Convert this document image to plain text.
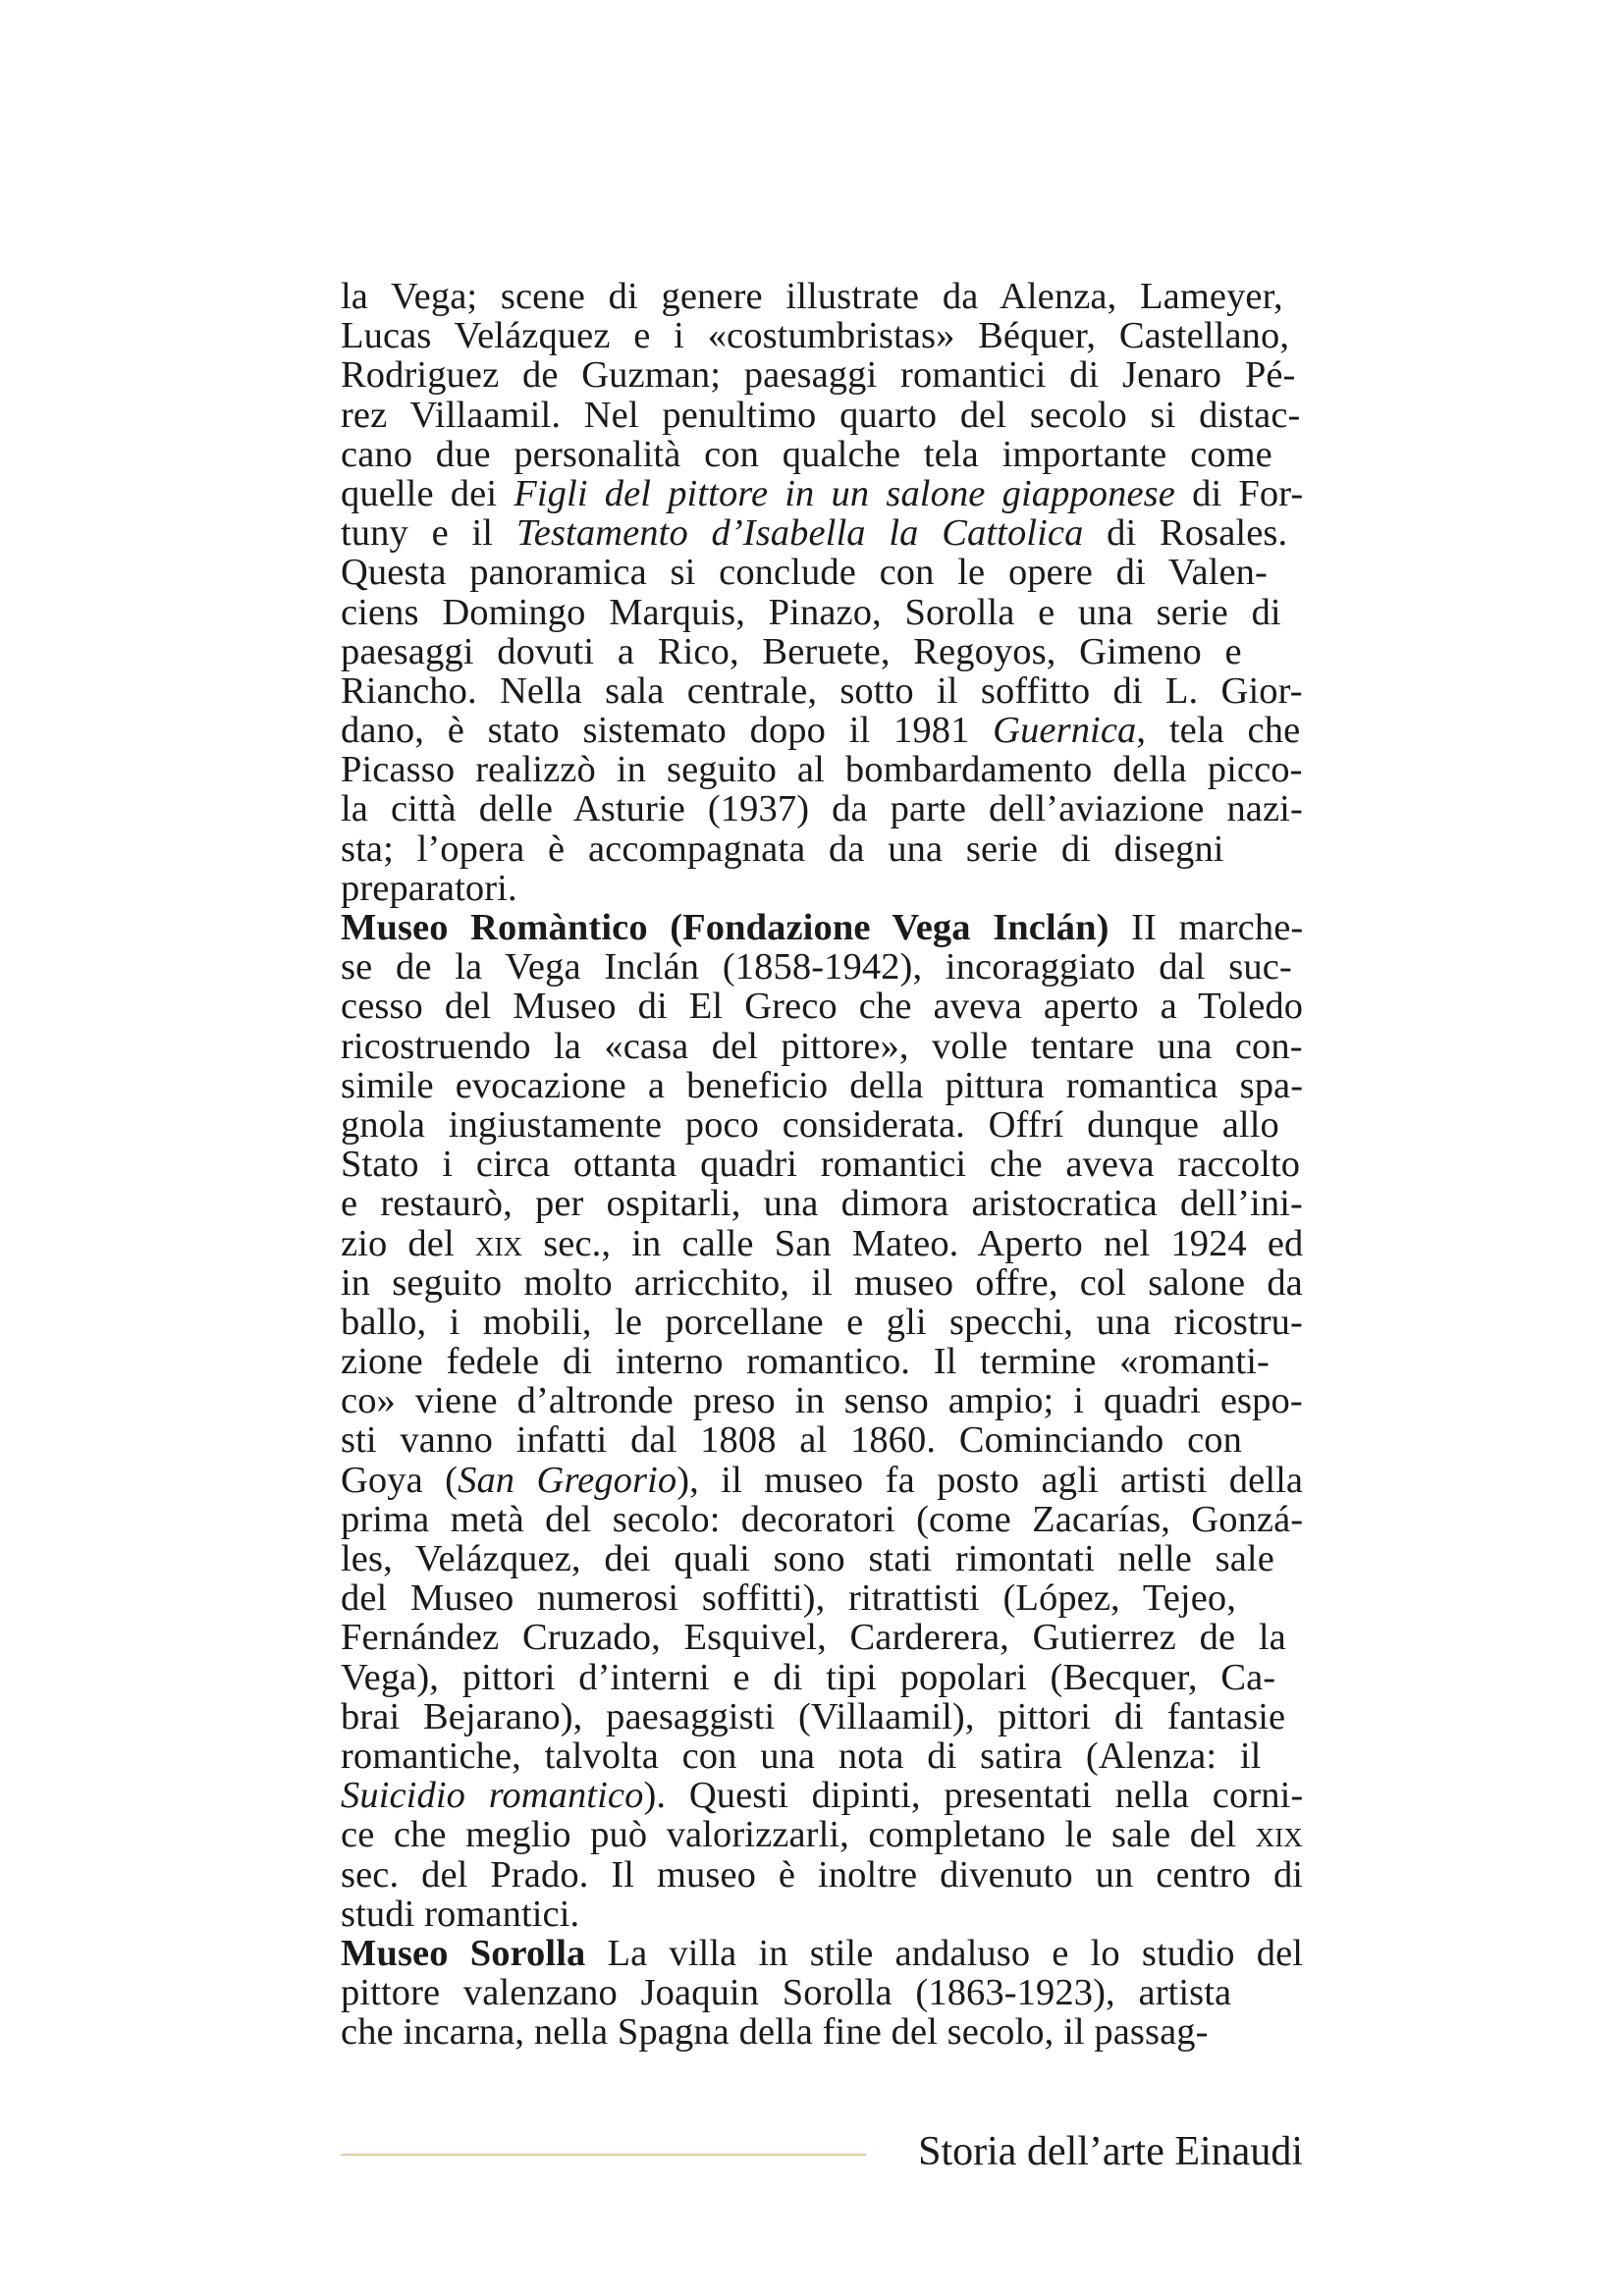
la Vega; scene di genere illustrate da Alenza, Lameyer,
Lucas Velázquez e i «costumbristas» Béquer, Castellano,
Rodriguez de Guzman; paesaggi romantici di Jenaro Pé-
rez Villaamil. Nel penultimo quarto del secolo si distac-
cano due personalità con qualche tela importante come
quelle dei Figli del pittore in un salone giapponese di For-
tuny e il Testamento d’Isabella la Cattolica di Rosales.
Questa panoramica si conclude con le opere di Valen-
ciens Domingo Marquis, Pinazo, Sorolla e una serie di
paesaggi dovuti a Rico, Beruete, Regoyos, Gimeno e
Riancho. Nella sala centrale, sotto il soffitto di L. Gior-
dano, è stato sistemato dopo il 1981 Guernica, tela che
Picasso realizzò in seguito al bombardamento della picco-
la città delle Asturie (1937) da parte dell’aviazione nazi-
sta; l’opera è accompagnata da una serie di disegni
preparatori.
Museo Romàntico (Fondazione Vega Inclán) II marche-
se de la Vega Inclán (1858-1942), incoraggiato dal suc-
cesso del Museo di El Greco che aveva aperto a Toledo
ricostruendo la «casa del pittore», volle tentare una con-
simile evocazione a beneficio della pittura romantica spa-
gnola ingiustamente poco considerata. Offrí dunque allo
Stato i circa ottanta quadri romantici che aveva raccolto
e restaurò, per ospitarli, una dimora aristocratica dell’ini-
zio del xix sec., in calle San Mateo. Aperto nel 1924 ed
in seguito molto arricchito, il museo offre, col salone da
ballo, i mobili, le porcellane e gli specchi, una ricostru-
zione fedele di interno romantico. Il termine «romanti-
co» viene d’altronde preso in senso ampio; i quadri espo-
sti vanno infatti dal 1808 al 1860. Cominciando con
Goya (San Gregorio), il museo fa posto agli artisti della
prima metà del secolo: decoratori (come Zacarías, Gonzá-
les, Velázquez, dei quali sono stati rimontati nelle sale
del Museo numerosi soffitti), ritrattisti (López, Tejeo,
Fernández Cruzado, Esquivel, Carderera, Gutierrez de la
Vega), pittori d’interni e di tipi popolari (Becquer, Ca-
brai Bejarano), paesaggisti (Villaamil), pittori di fantasie
romantiche, talvolta con una nota di satira (Alenza: il
Suicidio romantico). Questi dipinti, presentati nella corni-
ce che meglio può valorizzarli, completano le sale del xix
sec. del Prado. Il museo è inoltre divenuto un centro di
studi romantici.
Museo Sorolla La villa in stile andaluso e lo studio del
pittore valenzano Joaquin Sorolla (1863-1923), artista
che incarna, nella Spagna della fine del secolo, il passag-
Storia dell’arte Einaudi
